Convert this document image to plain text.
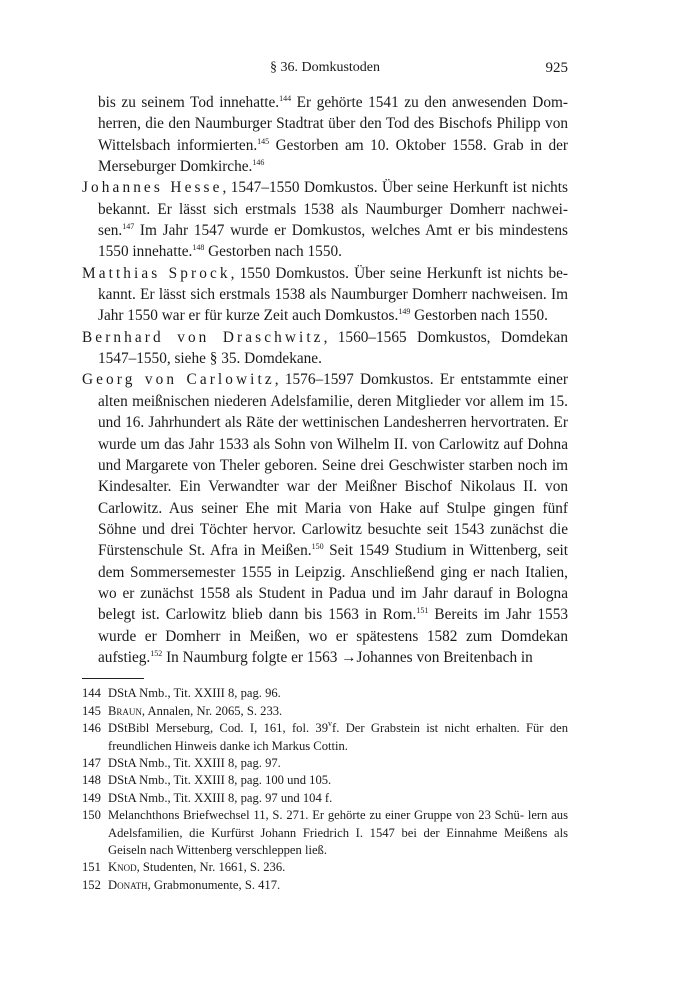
§ 36. Domkustoden	925

bis zu seinem Tod innehatte.$^{144}$ Er gehörte 1541 zu den anwesenden Domherren, die den Naumburger Stadtrat über den Tod des Bischofs Philipp von Wittelsbach informierten.$^{145}$ Gestorben am 10. Oktober 1558. Grab in der Merseburger Domkirche.$^{146}$

Johannes Hesse, 1547–1550 Domkustos. Über seine Herkunft ist nichts bekannt. Er lässt sich erstmals 1538 als Naumburger Domherr nachweisen.$^{147}$ Im Jahr 1547 wurde er Domkustos, welches Amt er bis mindestens 1550 innehatte.$^{148}$ Gestorben nach 1550.

Matthias Sprock, 1550 Domkustos. Über seine Herkunft ist nichts bekannt. Er lässt sich erstmals 1538 als Naumburger Domherr nachweisen. Im Jahr 1550 war er für kurze Zeit auch Domkustos.$^{149}$ Gestorben nach 1550.

Bernhard von Draschwitz, 1560–1565 Domkustos, Domdekan 1547–1550, siehe § 35. Domdekane.

Georg von Carlowitz, 1576–1597 Domkustos. Er entstammte einer alten meißnischen niederen Adelsfamilie, deren Mitglieder vor allem im 15. und 16. Jahrhundert als Räte der wettinischen Landesherren hervortraten. Er wurde um das Jahr 1533 als Sohn von Wilhelm II. von Carlowitz auf Dohna und Margarete von Theler geboren. Seine drei Geschwister starben noch im Kindesalter. Ein Verwandter war der Meißner Bischof Nikolaus II. von Carlowitz. Aus seiner Ehe mit Maria von Hake auf Stulpe gingen fünf Söhne und drei Töchter hervor. Carlowitz besuchte seit 1543 zunächst die Fürstenschule St. Afra in Meißen.$^{150}$ Seit 1549 Studium in Wittenberg, seit dem Sommersemester 1555 in Leipzig. Anschließend ging er nach Italien, wo er zunächst 1558 als Student in Padua und im Jahr darauf in Bologna belegt ist. Carlowitz blieb dann bis 1563 in Rom.$^{151}$ Bereits im Jahr 1553 wurde er Domherr in Meißen, wo er spätestens 1582 zum Domdekan aufstieg.$^{152}$ In Naumburg folgte er 1563 →Johannes von Breitenbach in

144 DStA Nmb., Tit. XXIII 8, pag. 96.
145 Braun, Annalen, Nr. 2065, S. 233.
146 DStBibl Merseburg, Cod. I, 161, fol. 39$^v$f. Der Grabstein ist nicht erhalten. Für den freundlichen Hinweis danke ich Markus Cottin.
147 DStA Nmb., Tit. XXIII 8, pag. 97.
148 DStA Nmb., Tit. XXIII 8, pag. 100 und 105.
149 DStA Nmb., Tit. XXIII 8, pag. 97 und 104 f.
150 Melanchthons Briefwechsel 11, S. 271. Er gehörte zu einer Gruppe von 23 Schü- lern aus Adelsfamilien, die Kurfürst Johann Friedrich I. 1547 bei der Einnahme Meißens als Geiseln nach Wittenberg verschleppen ließ.
151 Knod, Studenten, Nr. 1661, S. 236.
152 Donath, Grabmonumente, S. 417.
